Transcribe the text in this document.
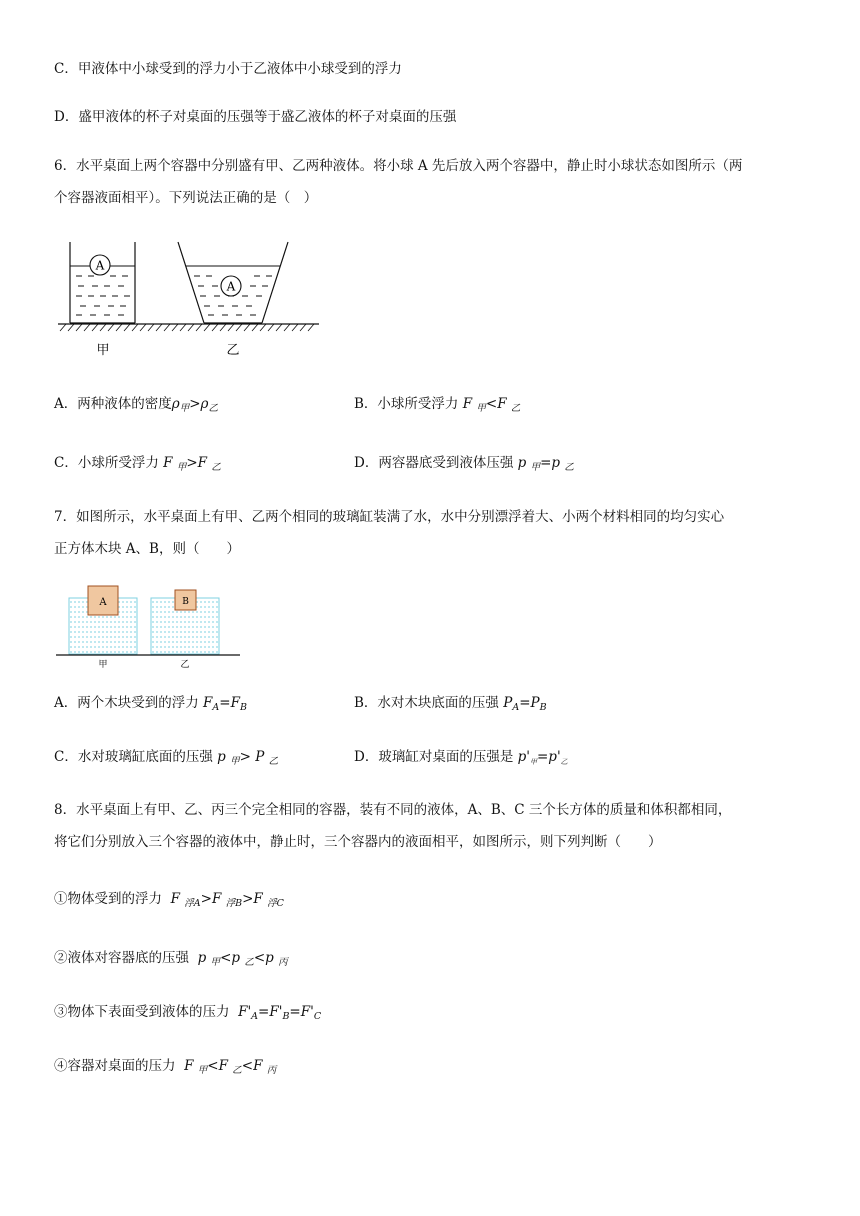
C．甲液体中小球受到的浮力小于乙液体中小球受到的浮力
D．盛甲液体的杯子对桌面的压强等于盛乙液体的杯子对桌面的压强
6．水平桌面上两个容器中分别盛有甲、乙两种液体。将小球 A 先后放入两个容器中，静止时小球状态如图所示（两
个容器液面相平）。下列说法正确的是（　）
A
A
甲	乙
A．两种液体的密度$\rho_甲>\rho_乙$	B．小球所受浮力 F $_甲$<F $_乙$
C．小球所受浮力 F $_甲$>F $_乙$	D．两容器底受到液体压强 p $_甲$=p $_乙$
7．如图所示，水平桌面上有甲、乙两个相同的玻璃缸装满了水，水中分别漂浮着大、小两个材料相同的均匀实心
正方体木块 A、B，则（　　）
A	B
甲	乙
A．两个木块受到的浮力 $F_A=F_B$	B．水对木块底面的压强 $P_A=P_B$
C．水对玻璃缸底面的压强 p $_甲$> P $_乙$	D．玻璃缸对桌面的压强是 $p'_甲=p'_乙$
8．水平桌面上有甲、乙、丙三个完全相同的容器，装有不同的液体，A、B、C 三个长方体的质量和体积都相同，
将它们分别放入三个容器的液体中，静止时，三个容器内的液面相平，如图所示，则下列判断（　　）
①物体受到的浮力 F $_{浮A}$>F $_{浮B}$>F $_{浮C}$
②液体对容器底的压强 p $_甲$<p $_乙$<p $_丙$
③物体下表面受到液体的压力 $F'_A=F'_B=F'_C$
④容器对桌面的压力 F $_甲$<F $_乙$<F $_丙$
